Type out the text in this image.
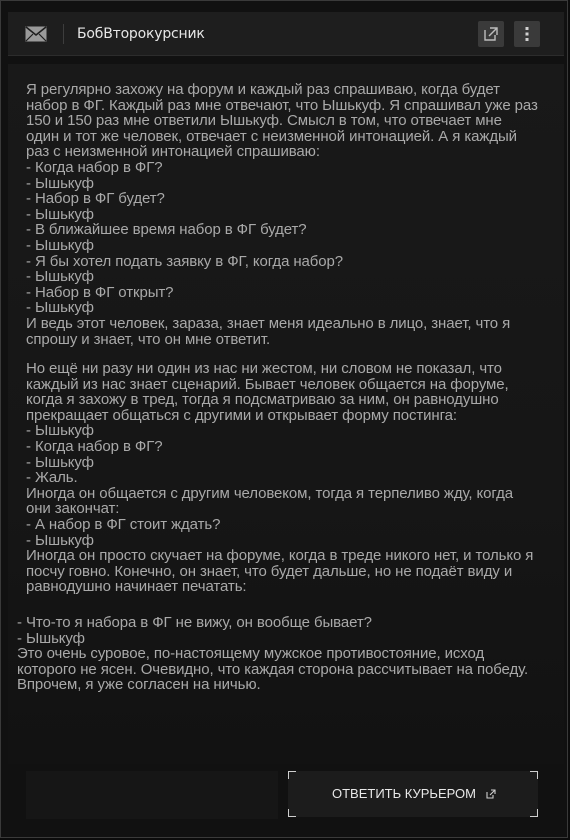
БобВторокурсник

Я регулярно захожу на форум и каждый раз спрашиваю, когда будет набор в ФГ. Каждый раз мне отвечают, что Ышькуф. Я спрашивал уже раз 150 и 150 раз мне ответили Ышькуф. Смысл в том, что отвечает мне один и тот же человек, отвечает с неизменной интонацией. А я каждый раз с неизменной интонацией спрашиваю:
- Когда набор в ФГ?
- Ышькуф
- Набор в ФГ будет?
- Ышькуф
- В ближайшее время набор в ФГ будет?
- Ышькуф
- Я бы хотел подать заявку в ФГ, когда набор?
- Ышькуф
- Набор в ФГ открыт?
- Ышькуф
И ведь этот человек, зараза, знает меня идеально в лицо, знает, что я спрошу и знает, что он мне ответит.

Но ещё ни разу ни один из нас ни жестом, ни словом не показал, что каждый из нас знает сценарий. Бывает человек общается на форуме, когда я захожу в тред, тогда я подсматриваю за ним, он равнодушно прекращает общаться с другими и открывает форму постинга:
- Ышькуф
- Когда набор в ФГ?
- Ышькуф
- Жаль.
Иногда он общается с другим человеком, тогда я терпеливо жду, когда они закончат:
- А набор в ФГ стоит ждать?
- Ышькуф
Иногда он просто скучает на форуме, когда в треде никого нет, и только я посчу говно. Конечно, он знает, что будет дальше, но не подаёт виду и равнодушно начинает печатать:

- Что-то я набора в ФГ не вижу, он вообще бывает?
- Ышькуф
Это очень суровое, по-настоящему мужское противостояние, исход которого не ясен. Очевидно, что каждая сторона рассчитывает на победу. Впрочем, я уже согласен на ничью.

ОТВЕТИТЬ КУРЬЕРОМ
